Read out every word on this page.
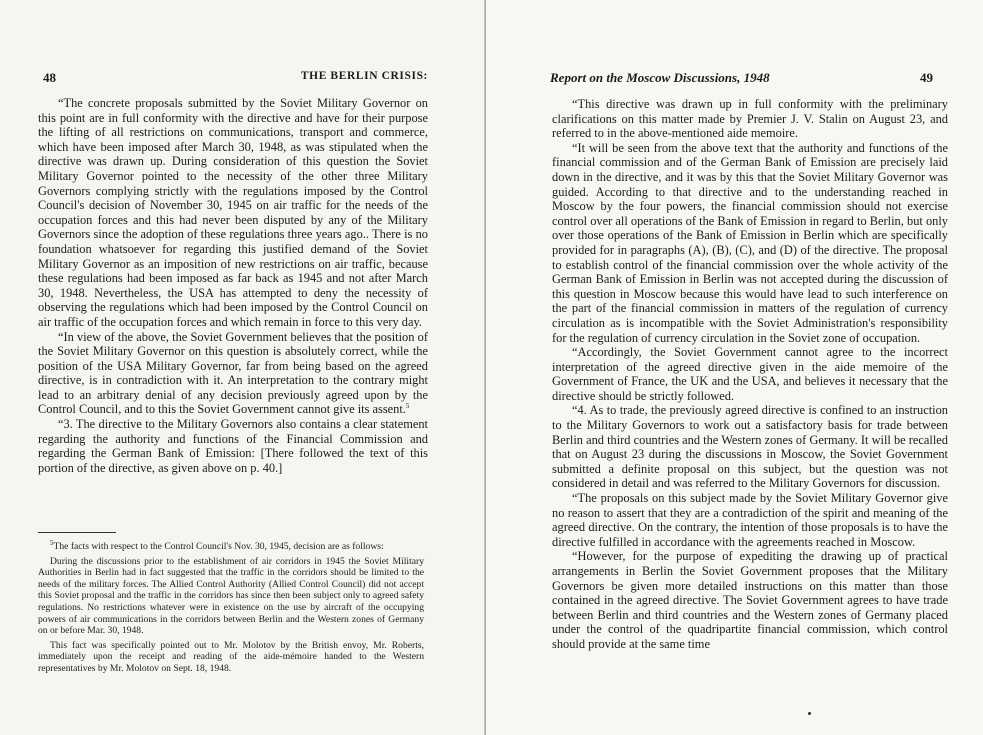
48	THE BERLIN CRISIS:

“The concrete proposals submitted by the Soviet Military Governor on this point are in full conformity with the directive and have for their purpose the lifting of all restrictions on communications, transport and commerce, which have been imposed after March 30, 1948, as was stipulated when the directive was drawn up. During consideration of this question the Soviet Military Governor pointed to the necessity of the other three Military Governors complying strictly with the regulations imposed by the Control Council's decision of November 30, 1945 on air traffic for the needs of the occupation forces and this had never been disputed by any of the Military Governors since the adoption of these regulations three years ago.. There is no foundation whatsoever for regarding this justified demand of the Soviet Military Governor as an imposition of new restrictions on air traffic, because these regulations had been imposed as far back as 1945 and not after March 30, 1948. Nevertheless, the USA has attempted to deny the necessity of observing the regulations which had been imposed by the Control Council on air traffic of the occupation forces and which remain in force to this very day.

“In view of the above, the Soviet Government believes that the position of the Soviet Military Governor on this question is absolutely correct, while the position of the USA Military Governor, far from being based on the agreed directive, is in contradiction with it. An interpretation to the contrary might lead to an arbitrary denial of any decision previously agreed upon by the Control Council, and to this the Soviet Government cannot give its assent.$^5$

“3. The directive to the Military Governors also contains a clear statement regarding the authority and functions of the Financial Commission and regarding the German Bank of Emission: [There followed the text of this portion of the directive, as given above on p. 40.]

$^5$The facts with respect to the Control Council's Nov. 30, 1945, decision are as follows:

During the discussions prior to the establishment of air corridors in 1945 the Soviet Military Authorities in Berlin had in fact suggested that the traffic in the corridors should be limited to the needs of the military forces. The Allied Control Authority (Allied Control Council) did not accept this Soviet proposal and the traffic in the corridors has since then been subject only to agreed safety regulations. No restrictions whatever were in existence on the use by aircraft of the occupying powers of air communications in the corridors between Berlin and the Western zones of Germany on or before Mar. 30, 1948.

This fact was specifically pointed out to Mr. Molotov by the British envoy, Mr. Roberts, immediately upon the receipt and reading of the aide-mémoire handed to the Western representatives by Mr. Molotov on Sept. 18, 1948.

Report on the Moscow Discussions, 1948	49

“This directive was drawn up in full conformity with the preliminary clarifications on this matter made by Premier J. V. Stalin on August 23, and referred to in the above-mentioned aide memoire.

“It will be seen from the above text that the authority and functions of the financial commission and of the German Bank of Emission are precisely laid down in the directive, and it was by this that the Soviet Military Governor was guided. According to that directive and to the understanding reached in Moscow by the four powers, the financial commission should not exercise control over all operations of the Bank of Emission in regard to Berlin, but only over those operations of the Bank of Emission in Berlin which are specifically provided for in paragraphs (A), (B), (C), and (D) of the directive. The proposal to establish control of the financial commission over the whole activity of the German Bank of Emission in Berlin was not accepted during the discussion of this question in Moscow because this would have lead to such interference on the part of the financial commission in matters of the regulation of currency circulation as is incompatible with the Soviet Administration's responsibility for the regulation of currency circulation in the Soviet zone of occupation.

“Accordingly, the Soviet Government cannot agree to the incorrect interpretation of the agreed directive given in the aide memoire of the Government of France, the UK and the USA, and believes it necessary that the directive should be strictly followed.

“4. As to trade, the previously agreed directive is confined to an instruction to the Military Governors to work out a satisfactory basis for trade between Berlin and third countries and the Western zones of Germany. It will be recalled that on August 23 during the discussions in Moscow, the Soviet Government submitted a definite proposal on this subject, but the question was not considered in detail and was referred to the Military Governors for discussion.

“The proposals on this subject made by the Soviet Military Governor give no reason to assert that they are a contradiction of the spirit and meaning of the agreed directive. On the contrary, the intention of those proposals is to have the directive fulfilled in accordance with the agreements reached in Moscow.

“However, for the purpose of expediting the drawing up of practical arrangements in Berlin the Soviet Government proposes that the Military Governors be given more detailed instructions on this matter than those contained in the agreed directive. The Soviet Government agrees to have trade between Berlin and third countries and the Western zones of Germany placed under the control of the quadripartite financial commission, which control should provide at the same time
